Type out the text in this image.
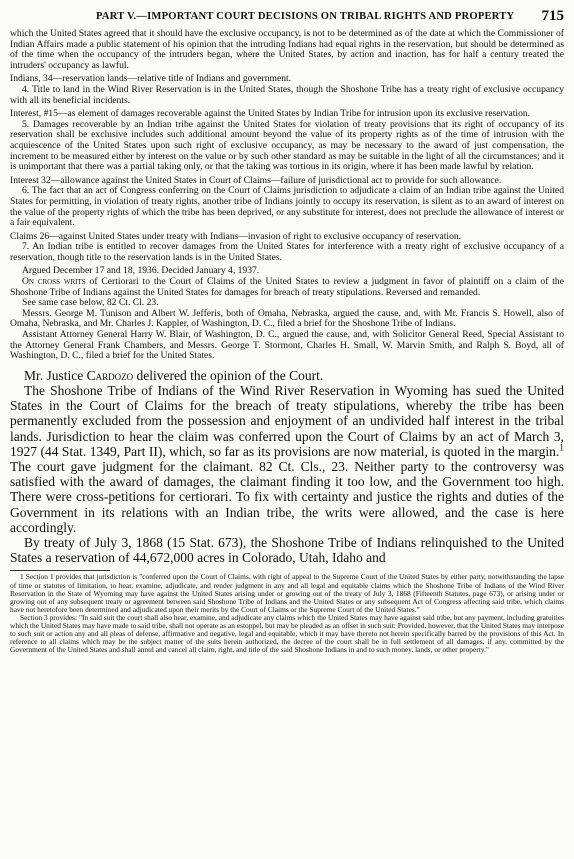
PART V.—IMPORTANT COURT DECISIONS ON TRIBAL RIGHTS AND PROPERTY 715

which the United States agreed that it should have the exclusive occupancy, is not to be determined as of the date at which the Commissioner of Indian Affairs made a public statement of his opinion that the intruding Indians had equal rights in the reservation, but should be determined as of the time when the occupancy of the intruders began, where the United States, by action and inaction, has for half a century treated the intruders' occupancy as lawful.

Indians, 34—reservation lands—relative title of Indians and government.

4. Title to land in the Wind River Reservation is in the United States, though the Shoshone Tribe has a treaty right of exclusive occupancy with all its beneficial incidents.

Interest, #15—as element of damages recoverable against the United States by Indian Tribe for intrusion upon its exclusive reservation.

5. Damages recoverable by an Indian tribe against the United States for violation of treaty provisions that its right of occupancy of its reservation shall be exclusive includes such additional amount beyond the value of its property rights as of the time of intrusion with the acquiescence of the United States upon such right of exclusive occupancy, as may be necessary to the award of just compensation, the increment to be measured either by interest on the value or by such other standard as may be suitable in the light of all the circumstances; and it is unimportant that there was a partial taking only, or that the taking was tortious in its origin, where it has been made lawful by relation.

Interest 32—allowance against the United States in Court of Claims—failure of jurisdictional act to provide for such allowance.

6. The fact that an act of Congress conferring on the Court of Claims jurisdiction to adjudicate a claim of an Indian tribe against the United States for permitting, in violation of treaty rights, another tribe of Indians jointly to occupy its reservation, is silent as to an award of interest on the value of the property rights of which the tribe has been deprived, or any substitute for interest, does not preclude the allowance of interest or a fair equivalent.

Claims 26—against United States under treaty with Indians—invasion of right to exclusive occupancy of reservation.

7. An Indian tribe is entitled to recover damages from the United States for interference with a treaty right of exclusive occupancy of a reservation, though title to the reservation lands is in the United States.

Argued December 17 and 18, 1936. Decided January 4, 1937.

On cross writs of Certiorari to the Court of Claims of the United States to review a judgment in favor of plaintiff on a claim of the Shoshone Tribe of Indians against the United States for damages for breach of treaty stipulations. Reversed and remanded.

See same case below, 82 Ct. Cl. 23.

Messrs. George M. Tunison and Albert W. Jefferis, both of Omaha, Nebraska, argued the cause, and, with Mr. Francis S. Howell, also of Omaha, Nebraska, and Mr. Charles J. Kappler, of Washington, D. C., filed a brief for the Shoshone Tribe of Indians.

Assistant Attorney General Harry W. Blair, of Washington, D. C., argued the cause, and, with Solicitor General Reed, Special Assistant to the Attorney General Frank Chambers, and Messrs. George T. Stormont, Charles H. Small, W. Marvin Smith, and Ralph S. Boyd, all of Washington, D. C., filed a brief for the United States.

Mr. Justice Cardozo delivered the opinion of the Court.

The Shoshone Tribe of Indians of the Wind River Reservation in Wyoming has sued the United States in the Court of Claims for the breach of treaty stipulations, whereby the tribe has been permanently excluded from the possession and enjoyment of an undivided half interest in the tribal lands. Jurisdiction to hear the claim was conferred upon the Court of Claims by an act of March 3, 1927 (44 Stat. 1349, Part II), which, so far as its provisions are now material, is quoted in the margin.$^1$ The court gave judgment for the claimant. 82 Ct. Cls., 23. Neither party to the controversy was satisfied with the award of damages, the claimant finding it too low, and the Government too high. There were cross-petitions for certiorari. To fix with certainty and justice the rights and duties of the Government in its relations with an Indian tribe, the writs were allowed, and the case is here accordingly.

By treaty of July 3, 1868 (15 Stat. 673), the Shoshone Tribe of Indians relinquished to the United States a reservation of 44,672,000 acres in Colorado, Utah, Idaho and

1 Section 1 provides that jurisdiction is "conferred upon the Court of Claims, with right of appeal to the Supreme Court of the United States by either party, notwithstanding the lapse of time or statutes of limitation, to hear, examine, adjudicate, and render judgment in any and all legal and equitable claims which the Shoshone Tribe of Indians of the Wind River Reservation in the State of Wyoming may have against the United States arising under or growing out of the treaty of July 3, 1868 (Fifteenth Statutes, page 673), or arising under or growing out of any subsequent treaty or agreement between said Shoshone Tribe of Indians and the United States or any subsequent Act of Congress affecting said tribe, which claims have not heretofore been determined and adjudicated upon their merits by the Court of Claims or the Supreme Court of the United States."

Section 3 provides: "In said suit the court shall also hear, examine, and adjudicate any claims which the United States may have against said tribe, but any payment, including gratuities which the United States may have made to said tribe, shall not operate as an estoppel, but may be pleaded as an offset in such suit: Provided, however, that the United States may interpose to such suit or action any and all pleas of defense, affirmative and negative, legal and equitable, which it may have thereto not herein specifically barred by the provisions of this Act. In reference to all claims which may be the subject matter of the suits herein authorized, the decree of the court shall be in full settlement of all damages, if any, committed by the Government of the United States and shall annul and cancel all claim, right, and title of the said Shoshone Indians in and to such money, lands, or other property."
